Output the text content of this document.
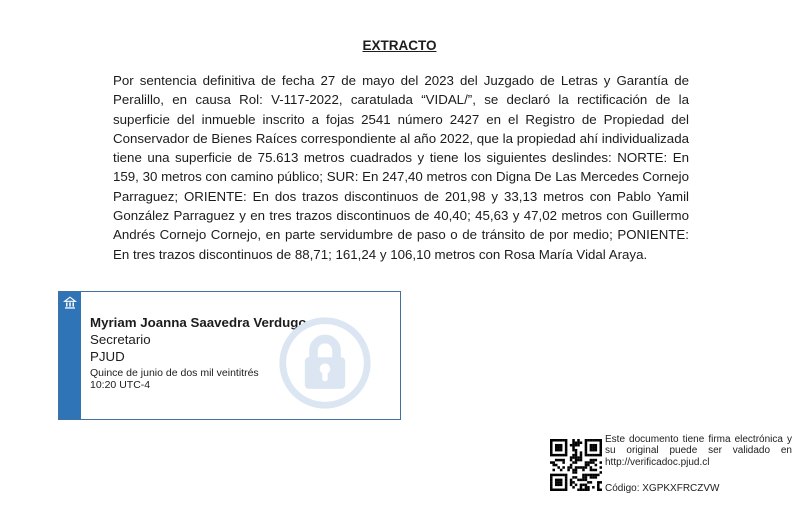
EXTRACTO
Por sentencia definitiva de fecha 27 de mayo del 2023 del Juzgado de Letras y Garantía de Peralillo, en causa Rol: V-117-2022, caratulada “VIDAL/”, se declaró la rectificación de la superficie del inmueble inscrito a fojas 2541 número 2427 en el Registro de Propiedad del Conservador de Bienes Raíces correspondiente al año 2022, que la propiedad ahí individualizada tiene una superficie de 75.613 metros cuadrados y tiene los siguientes deslindes: NORTE: En 159, 30 metros con camino público; SUR: En 247,40 metros con Digna De Las Mercedes Cornejo Parraguez; ORIENTE: En dos trazos discontinuos de 201,98 y 33,13 metros con Pablo Yamil González Parraguez y en tres trazos discontinuos de 40,40; 45,63 y 47,02 metros con Guillermo Andrés Cornejo Cornejo, en parte servidumbre de paso o de tránsito de por medio; PONIENTE: En tres trazos discontinuos de 88,71; 161,24 y 106,10 metros con Rosa María Vidal Araya.
Myriam Joanna Saavedra Verdugo
Secretario
PJUD
Quince de junio de dos mil veintitrés
10:20 UTC-4
Este documento tiene firma electrónica y su original puede ser validado en http://verificadoc.pjud.cl
Código: XGPKXFRCZVW
